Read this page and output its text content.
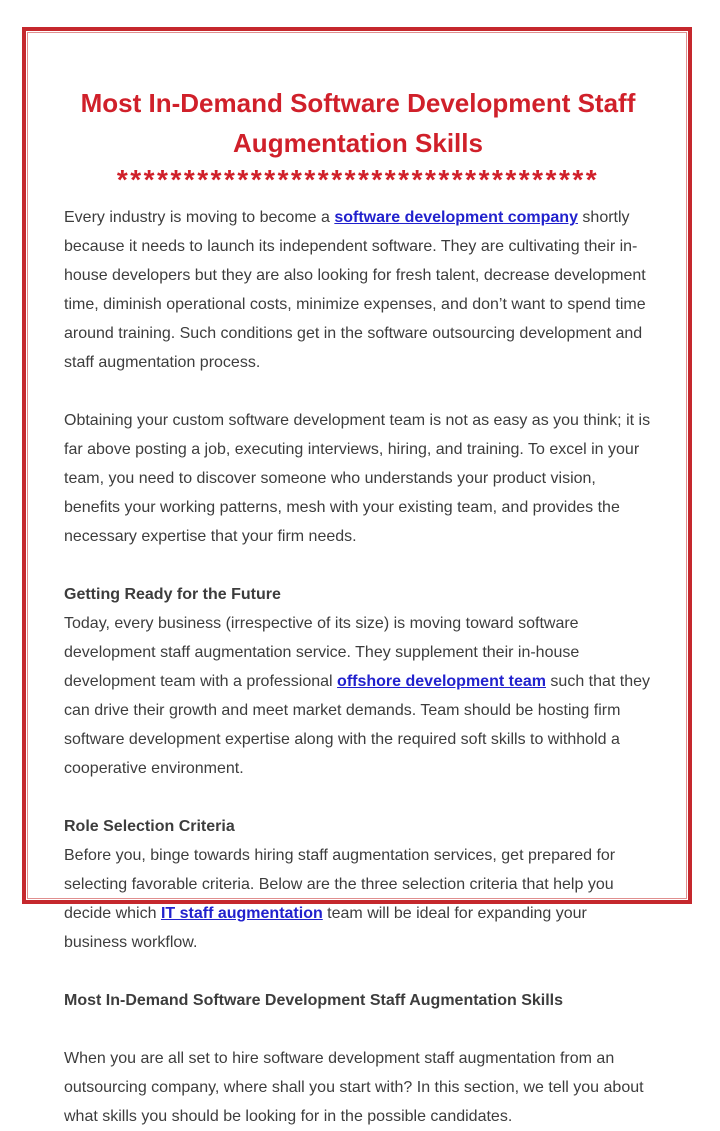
Most In-Demand Software Development Staff Augmentation Skills
************************************

Every industry is moving to become a software development company shortly because it needs to launch its independent software. They are cultivating their in-house developers but they are also looking for fresh talent, decrease development time, diminish operational costs, minimize expenses, and don’t want to spend time around training. Such conditions get in the software outsourcing development and staff augmentation process.

Obtaining your custom software development team is not as easy as you think; it is far above posting a job, executing interviews, hiring, and training. To excel in your team, you need to discover someone who understands your product vision, benefits your working patterns, mesh with your existing team, and provides the necessary expertise that your firm needs.

Getting Ready for the Future

Today, every business (irrespective of its size) is moving toward software development staff augmentation service. They supplement their in-house development team with a professional offshore development team such that they can drive their growth and meet market demands. Team should be hosting firm software development expertise along with the required soft skills to withhold a cooperative environment.

Role Selection Criteria

Before you, binge towards hiring staff augmentation services, get prepared for selecting favorable criteria. Below are the three selection criteria that help you decide which IT staff augmentation team will be ideal for expanding your business workflow.

Most In-Demand Software Development Staff Augmentation Skills

When you are all set to hire software development staff augmentation from an outsourcing company, where shall you start with? In this section, we tell you about what skills you should be looking for in the possible candidates.
